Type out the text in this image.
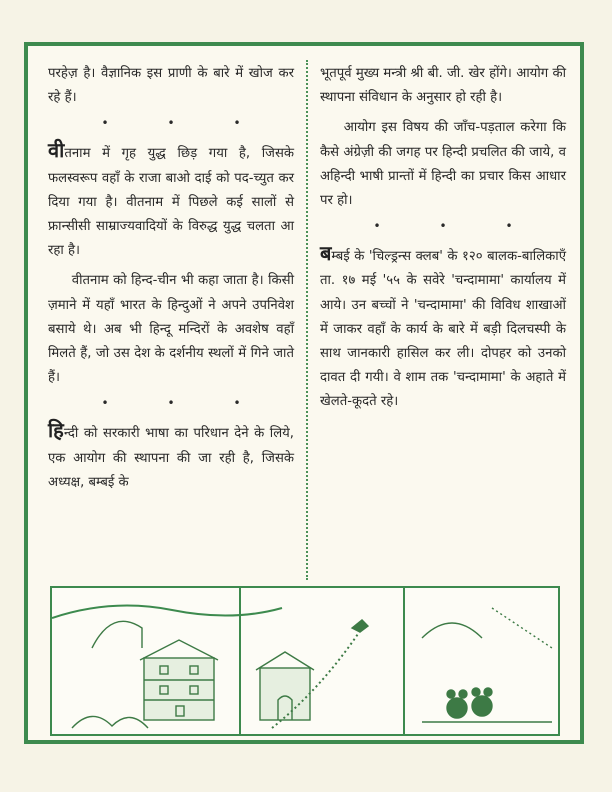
परहेज़ है। वैज्ञानिक इस प्राणी के बारे में खोज कर रहे हैं।

•	•	•

वीतनाम में गृह युद्ध छिड़ गया है, जिसके फलस्वरूप वहाँ के राजा बाओ दाई को पद-च्युत कर दिया गया है। वीतनाम में पिछले कई सालों से फ्रान्सीसी साम्राज्यवादियों के विरुद्ध युद्ध चलता आ रहा है।

वीतनाम को हिन्द-चीन भी कहा जाता है। किसी ज़माने में यहाँ भारत के हिन्दुओं ने अपने उपनिवेश बसाये थे। अब भी हिन्दू मन्दिरों के अवशेष वहाँ मिलते हैं, जो उस देश के दर्शनीय स्थलों में गिने जाते हैं।

•	•	•

हिन्दी को सरकारी भाषा का परिधान देने के लिये, एक आयोग की स्थापना की जा रही है, जिसके अध्यक्ष, बम्बई के

भूतपूर्व मुख्य मन्त्री श्री बी. जी. खेर होंगे। आयोग की स्थापना संविधान के अनुसार हो रही है।

आयोग इस विषय की जाँच-पड़ताल करेगा कि कैसे अंग्रेज़ी की जगह पर हिन्दी प्रचलित की जाये, व अहिन्दी भाषी प्रान्तों में हिन्दी का प्रचार किस आधार पर हो।

•	•	•

बम्बई के 'चिल्ड्रन्स क्लब' के १२० बालक-बालिकाएँ ता. १७ मई '५५ के सवेरे 'चन्दामामा' कार्यालय में आये। उन बच्चों ने 'चन्दामामा' की विविध शाखाओं में जाकर वहाँ के कार्य के बारे में बड़ी दिलचस्पी के साथ जानकारी हासिल कर ली। दोपहर को उनको दावत दी गयी। वे शाम तक 'चन्दामामा' के अहाते में खेलते-कूदते रहे।
